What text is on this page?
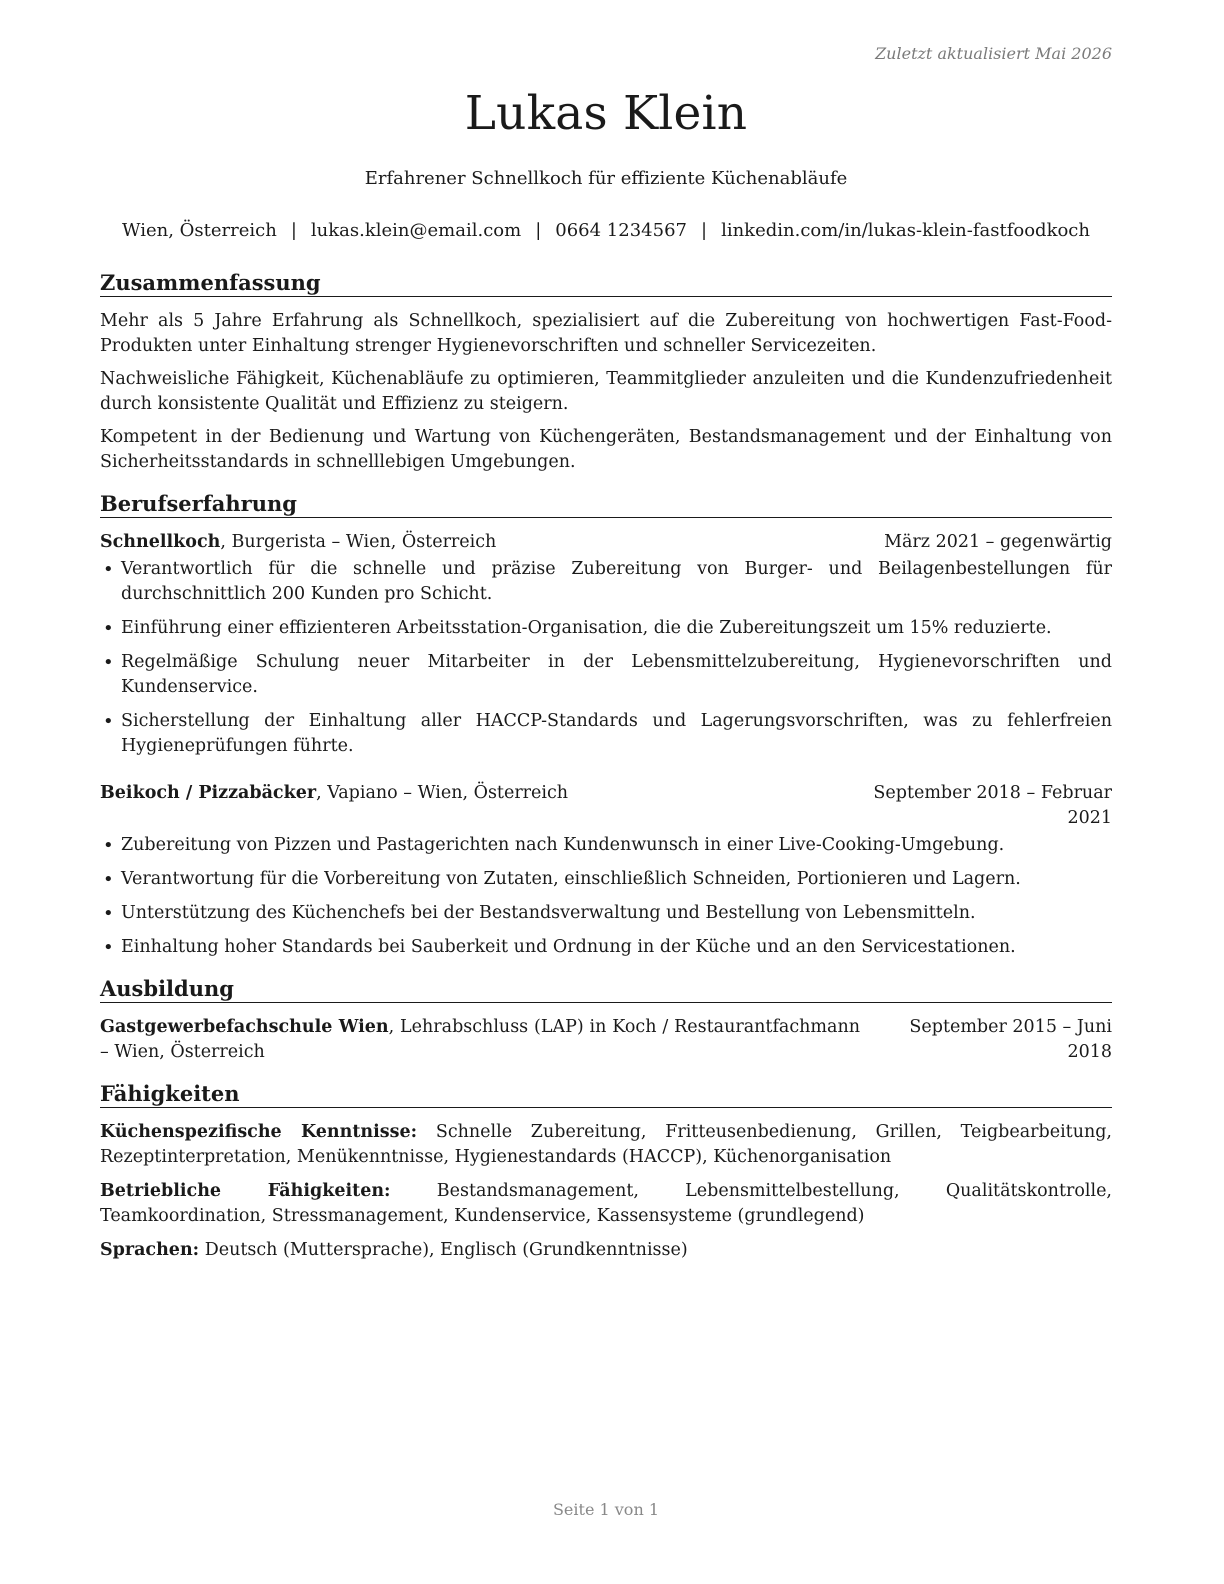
Zuletzt aktualisiert Mai 2026
Lukas Klein
Erfahrener Schnellkoch für effiziente Küchenabläufe
Wien, Österreich | lukas.klein@email.com | 0664 1234567 | linkedin.com/in/lukas-klein-fastfoodkoch
Zusammenfassung

Mehr als 5 Jahre Erfahrung als Schnellkoch, spezialisiert auf die Zubereitung von hochwertigen Fast-Food-Produkten unter Einhaltung strenger Hygienevorschriften und schneller Servicezeiten.

Nachweisliche Fähigkeit, Küchenabläufe zu optimieren, Teammitglieder anzuleiten und die Kundenzufriedenheit durch konsistente Qualität und Effizienz zu steigern.

Kompetent in der Bedienung und Wartung von Küchengeräten, Bestandsmanagement und der Einhaltung von Sicherheitsstandards in schnelllebigen Umgebungen.

Berufserfahrung
Schnellkoch, Burgerista – Wien, Österreich	März 2021 – gegenwärtig
• Verantwortlich für die schnelle und präzise Zubereitung von Burger- und Beilagenbestellungen für durchschnittlich 200 Kunden pro Schicht.
• Einführung einer effizienteren Arbeitsstation-Organisation, die die Zubereitungszeit um 15% reduzierte.
• Regelmäßige Schulung neuer Mitarbeiter in der Lebensmittelzubereitung, Hygienevorschriften und Kundenservice.
• Sicherstellung der Einhaltung aller HACCP-Standards und Lagerungsvorschriften, was zu fehlerfreien Hygieneprüfungen führte.
Beikoch / Pizzabäcker, Vapiano – Wien, Österreich	September 2018 – Februar 2021
• Zubereitung von Pizzen und Pastagerichten nach Kundenwunsch in einer Live-Cooking-Umgebung.
• Verantwortung für die Vorbereitung von Zutaten, einschließlich Schneiden, Portionieren und Lagern.
• Unterstützung des Küchenchefs bei der Bestandsverwaltung und Bestellung von Lebensmitteln.
• Einhaltung hoher Standards bei Sauberkeit und Ordnung in der Küche und an den Servicestationen.
Ausbildung
Gastgewerbefachschule Wien, Lehrabschluss (LAP) in Koch / Restaurantfachmann – Wien, Österreich
September 2015 – Juni 2018
Fähigkeiten

Küchenspezifische Kenntnisse: Schnelle Zubereitung, Fritteusenbedienung, Grillen, Teigbearbeitung, Rezeptinterpretation, Menükenntnisse, Hygienestandards (HACCP), Küchenorganisation

Betriebliche Fähigkeiten: Bestandsmanagement, Lebensmittelbestellung, Qualitätskontrolle, Teamkoordination, Stressmanagement, Kundenservice, Kassensysteme (grundlegend)

Sprachen: Deutsch (Muttersprache), Englisch (Grundkenntnisse)

Seite 1 von 1
